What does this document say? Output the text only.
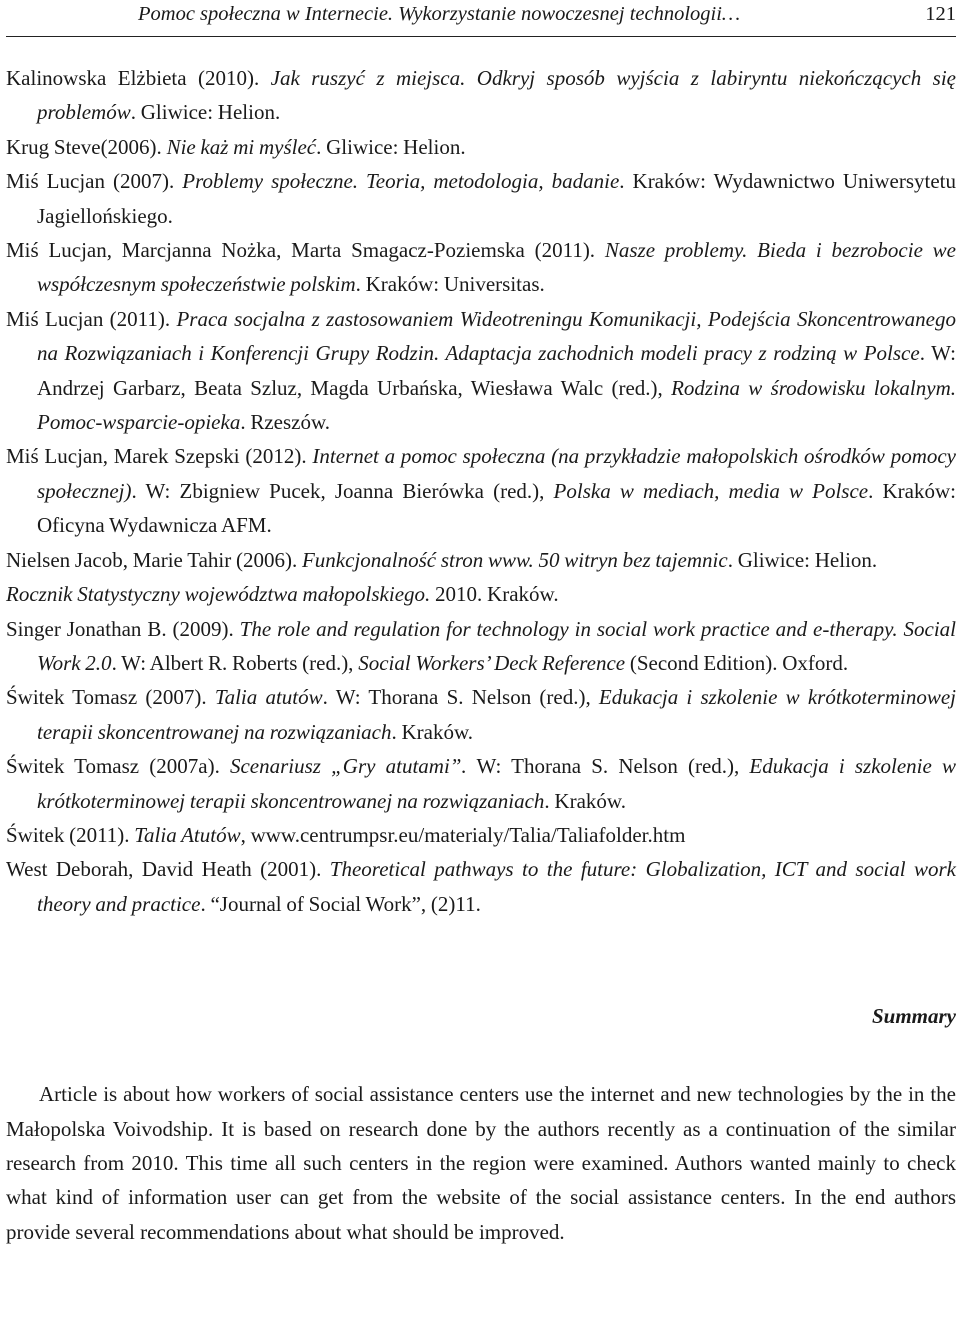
Pomoc społeczna w Internecie. Wykorzystanie nowoczesnej technologii…	121
Kalinowska Elżbieta (2010). Jak ruszyć z miejsca. Odkryj sposób wyjścia z labiryntu niekończących się problemów. Gliwice: Helion.
Krug Steve(2006). Nie każ mi myśleć. Gliwice: Helion.
Miś Lucjan (2007). Problemy społeczne. Teoria, metodologia, badanie. Kraków: Wydawnictwo Uniwersytetu Jagiellońskiego.
Miś Lucjan, Marcjanna Nożka, Marta Smagacz-Poziemska (2011). Nasze problemy. Bieda i bezrobocie we współczesnym społeczeństwie polskim. Kraków: Universitas.
Miś Lucjan (2011). Praca socjalna z zastosowaniem Wideotreningu Komunikacji, Podejścia Skoncentrowanego na Rozwiązaniach i Konferencji Grupy Rodzin. Adaptacja zachodnich modeli pracy z rodziną w Polsce. W: Andrzej Garbarz, Beata Szluz, Magda Urbańska, Wiesława Walc (red.), Rodzina w środowisku lokalnym. Pomoc-wsparcie-opieka. Rzeszów.
Miś Lucjan, Marek Szepski (2012). Internet a pomoc społeczna (na przykładzie małopolskich ośrodków pomocy społecznej). W: Zbigniew Pucek, Joanna Bierówka (red.), Polska w mediach, media w Polsce. Kraków: Oficyna Wydawnicza AFM.
Nielsen Jacob, Marie Tahir (2006). Funkcjonalność stron www. 50 witryn bez tajemnic. Gliwice: Helion.
Rocznik Statystyczny województwa małopolskiego. 2010. Kraków.
Singer Jonathan B. (2009). The role and regulation for technology in social work practice and e-therapy. Social Work 2.0. W: Albert R. Roberts (red.), Social Workers’ Deck Reference (Second Edition). Oxford.
Świtek Tomasz (2007). Talia atutów. W: Thorana S. Nelson (red.), Edukacja i szkolenie w krótkoterminowej terapii skoncentrowanej na rozwiązaniach. Kraków.
Świtek Tomasz (2007a). Scenariusz „Gry atutami”. W: Thorana S. Nelson (red.), Edukacja i szkolenie w krótkoterminowej terapii skoncentrowanej na rozwiązaniach. Kraków.
Świtek (2011). Talia Atutów, www.centrumpsr.eu/materialy/Talia/Taliafolder.htm
West Deborah, David Heath (2001). Theoretical pathways to the future: Globalization, ICT and social work theory and practice. “Journal of Social Work”, (2)11.
Summary
Article is about how workers of social assistance centers use the internet and new technologies by the in the Małopolska Voivodship. It is based on research done by the authors recently as a continuation of the similar research from 2010. This time all such centers in the region were examined. Authors wanted mainly to check what kind of information user can get from the website of the social assistance centers. In the end authors provide several recommendations about what should be improved.
